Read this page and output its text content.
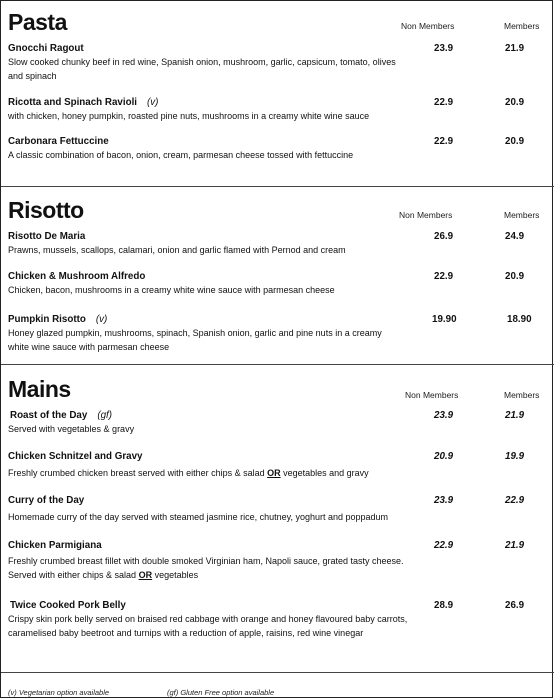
Pasta	Non Members	Members
Gnocchi Ragout
Slow cooked chunky beef in red wine, Spanish onion, mushroom, garlic, capsicum, tomato, olives and spinach
23.9	21.9
Ricotta and Spinach Ravioli (v)
with chicken, honey pumpkin, roasted pine nuts, mushrooms in a creamy white wine sauce
22.9	20.9
Carbonara Fettuccine
A classic combination of bacon, onion, cream, parmesan cheese tossed with fettuccine
22.9	20.9
Risotto	Non Members	Members
Risotto De Maria
Prawns, mussels, scallops, calamari, onion and garlic flamed with Pernod and cream
26.9	24.9
Chicken & Mushroom Alfredo
Chicken, bacon, mushrooms in a creamy white wine sauce with parmesan cheese
22.9	20.9
Pumpkin Risotto (v)
Honey glazed pumpkin, mushrooms, spinach, Spanish onion, garlic and pine nuts in a creamy white wine sauce with parmesan cheese
19.90	18.90
Mains	Non Members	Members
Roast of the Day (gf)
Served with vegetables & gravy
23.9	21.9
Chicken Schnitzel and Gravy
Freshly crumbed chicken breast served with either chips & salad OR vegetables and gravy
20.9	19.9
Curry of the Day
Homemade curry of the day served with steamed jasmine rice, chutney, yoghurt and poppadum
23.9	22.9
Chicken Parmigiana
Freshly crumbed breast fillet with double smoked Virginian ham, Napoli sauce, grated tasty cheese. Served with either chips & salad OR vegetables
22.9	21.9
Twice Cooked Pork Belly
Crispy skin pork belly served on braised red cabbage with orange and honey flavoured baby carrots, caramelised baby beetroot and turnips with a reduction of apple, raisins, red wine vinegar
28.9	26.9
(v) Vegetarian option available	(gf) Gluten Free option available
